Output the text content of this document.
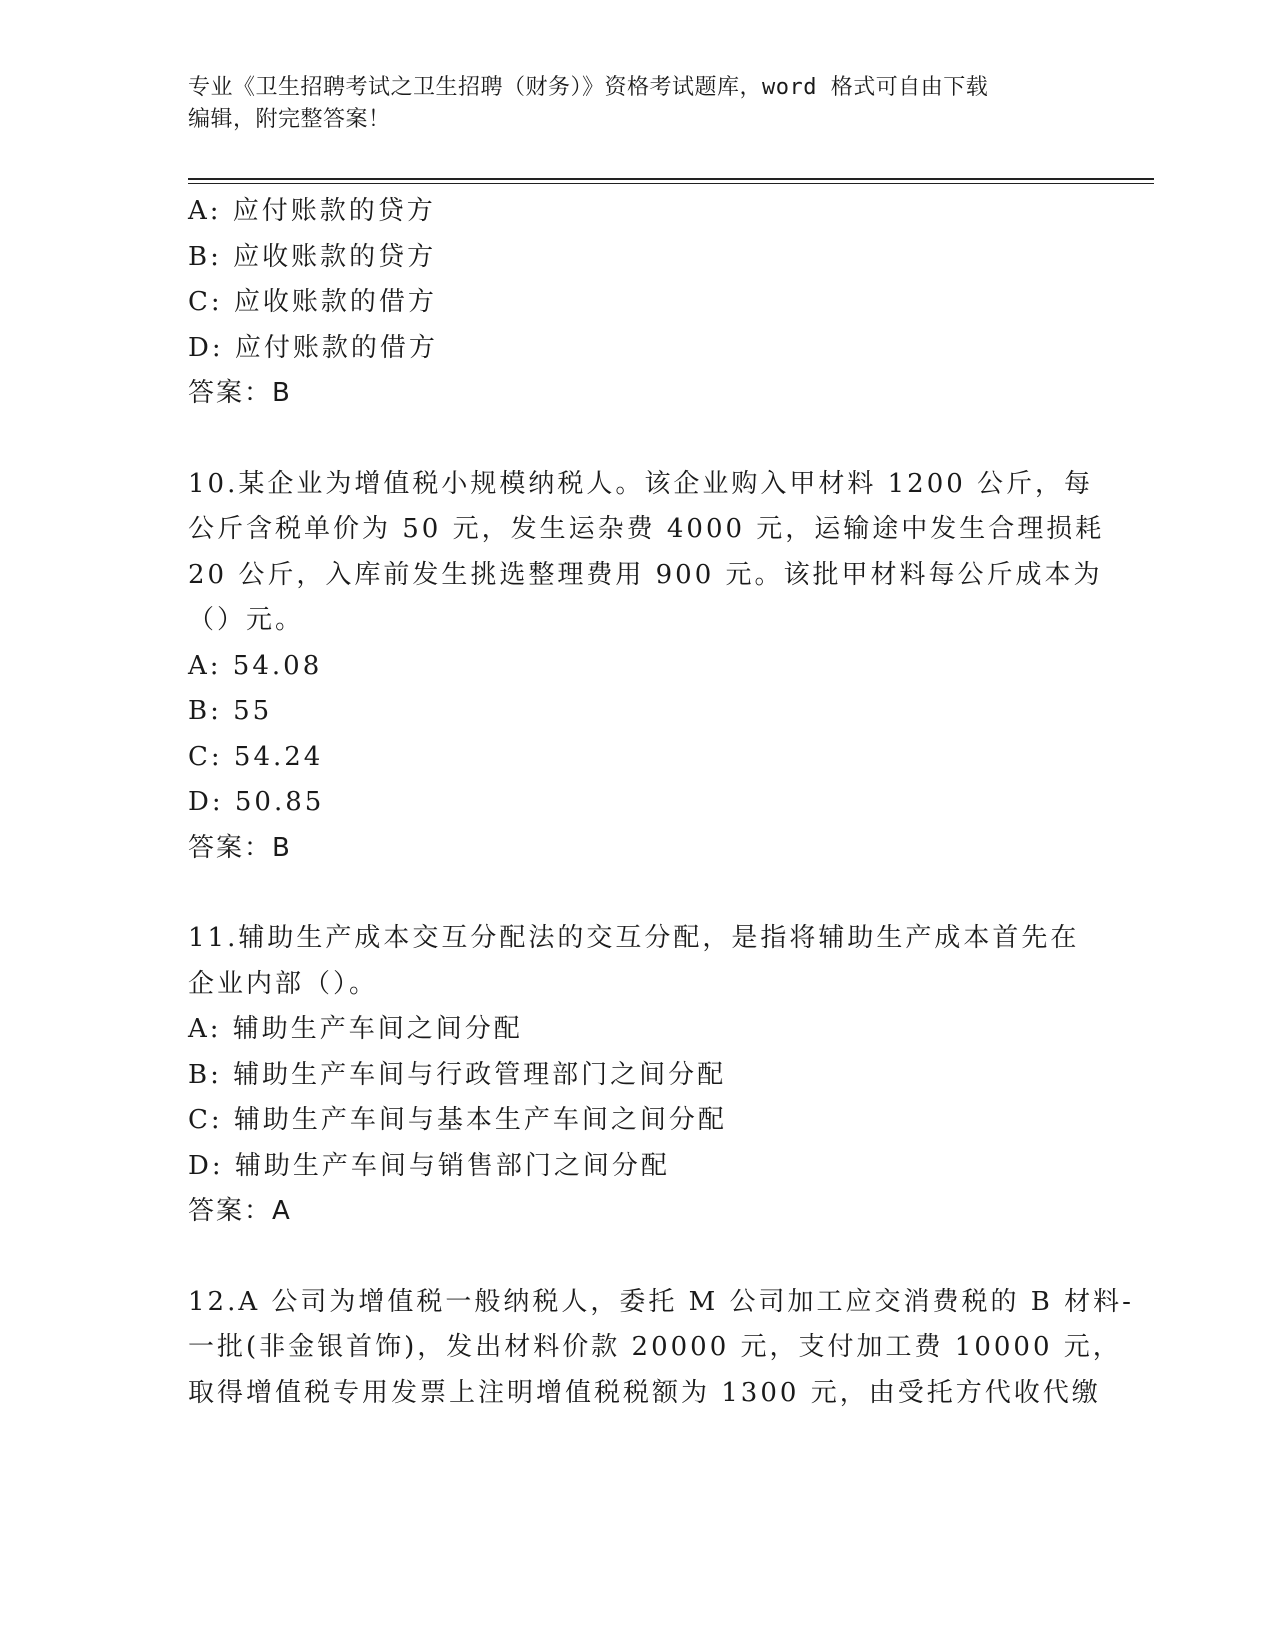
专业《卫生招聘考试之卫生招聘（财务）》资格考试题库，word 格式可自由下载
编辑，附完整答案！
A: 应付账款的贷方
B: 应收账款的贷方
C: 应收账款的借方
D: 应付账款的借方
答案：B
10.某企业为增值税小规模纳税人。该企业购入甲材料 1200 公斤，每
公斤含税单价为 50 元，发生运杂费 4000 元，运输途中发生合理损耗
20 公斤，入库前发生挑选整理费用 900 元。该批甲材料每公斤成本为
（）元。
A: 54.08
B: 55
C: 54.24
D: 50.85
答案：B
11.辅助生产成本交互分配法的交互分配，是指将辅助生产成本首先在
企业内部（）。
A: 辅助生产车间之间分配
B: 辅助生产车间与行政管理部门之间分配
C: 辅助生产车间与基本生产车间之间分配
D: 辅助生产车间与销售部门之间分配
答案：A
12.A 公司为增值税一般纳税人，委托 M 公司加工应交消费税的 B 材料-
一批(非金银首饰)，发出材料价款 20000 元，支付加工费 10000 元，
取得增值税专用发票上注明增值税税额为 1300 元，由受托方代收代缴
